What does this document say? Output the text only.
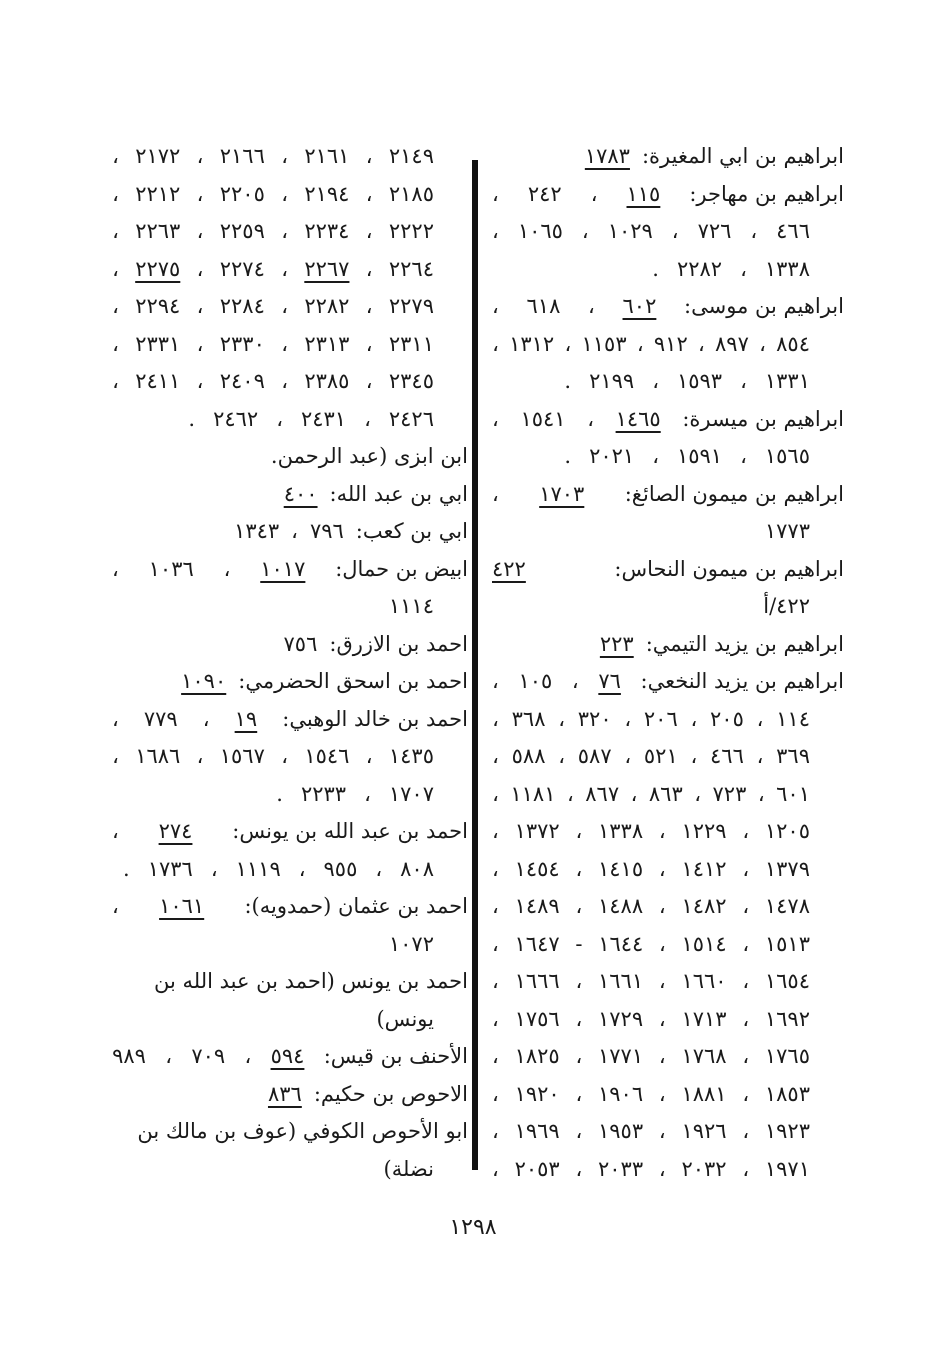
ابراهيم بن ابي المغيرة:
١٧٨٣
ابراهيم بن مهاجر:
١١٥
،
٢٤٢
،
٤٦٦
،
٧٢٦
،
١٠٢٩
،
١٠٦٥
،
١٣٣٨
،
٢٢٨٢
.
ابراهيم بن موسى:
٦٠٢
،
٦١٨
،
٨٥٤
،
٨٩٧
،
٩١٢
،
١١٥٣
،
١٣١٢
،
١٣٣١
،
١٥٩٣
،
٢١٩٩
.
ابراهيم بن ميسرة:
١٤٦٥
،
١٥٤١
،
١٥٦٥
،
١٥٩١
،
٢٠٢١
.
ابراهيم بن ميمون الصائغ:
١٧٠٣
،
١٧٧٣
ابراهيم بن ميمون النحاس:
٤٢٢
٤٢٢/أ
ابراهيم بن يزيد التيمي:
٢٢٣
ابراهيم بن يزيد النخعي:
٧٦
،
١٠٥
،
١١٤
،
٢٠٥
،
٢٠٦
،
٣٢٠
،
٣٦٨
،
٣٦٩
،
٤٦٦
،
٥٢١
،
٥٨٧
،
٥٨٨
،
٦٠١
،
٧٢٣
،
٨٦٣
،
٨٦٧
،
١١٨١
،
١٢٠٥
،
١٢٢٩
،
١٣٣٨
،
١٣٧٢
،
١٣٧٩
،
١٤١٢
،
١٤١٥
،
١٤٥٤
،
١٤٧٨
،
١٤٨٢
،
١٤٨٨
،
١٤٨٩
،
١٥١٣
،
١٥١٤
،
١٦٤٤
-
١٦٤٧
،
١٦٥٤
،
١٦٦٠
،
١٦٦١
،
١٦٦٦
،
١٦٩٢
،
١٧١٣
،
١٧٢٩
،
١٧٥٦
،
١٧٦٥
،
١٧٦٨
،
١٧٧١
،
١٨٢٥
،
١٨٥٣
،
١٨٨١
،
١٩٠٦
،
١٩٢٠
،
١٩٢٣
،
١٩٢٦
،
١٩٥٣
،
١٩٦٩
،
١٩٧١
،
٢٠٣٢
،
٢٠٣٣
،
٢٠٥٣
،
٢١٤٩
،
٢١٦١
،
٢١٦٦
،
٢١٧٢
،
٢١٨٥
،
٢١٩٤
،
٢٢٠٥
،
٢٢١٢
،
٢٢٢٢
،
٢٢٣٤
،
٢٢٥٩
،
٢٢٦٣
،
٢٢٦٤
،
٢٢٦٧
،
٢٢٧٤
،
٢٢٧٥
،
٢٢٧٩
،
٢٢٨٢
،
٢٢٨٤
،
٢٢٩٤
،
٢٣١١
،
٢٣١٣
،
٢٣٣٠
،
٢٣٣١
،
٢٣٤٥
،
٢٣٨٥
،
٢٤٠٩
،
٢٤١١
،
٢٤٢٦
،
٢٤٣١
،
٢٤٦٢
.
ابن ابزى (عبد الرحمن.
ابي بن عبد الله:
٤٠٠
ابي بن كعب:
٧٩٦
،
١٣٤٣
ابيض بن حمال:
١٠١٧
،
١٠٣٦
،
١١١٤
احمد بن الازرق:
٧٥٦
احمد بن اسحق الحضرمي:
١٠٩٠
احمد بن خالد الوهبي:
١٩
،
٧٧٩
،
١٤٣٥
،
١٥٤٦
،
١٥٦٧
،
١٦٨٦
،
١٧٠٧
،
٢٢٣٣
.
احمد بن عبد الله بن يونس:
٢٧٤
،
٨٠٨
،
٩٥٥
،
١١١٩
،
١٧٣٦
.
احمد بن عثمان (حمدويه):
١٠٦١
،
١٠٧٢
احمد بن يونس (احمد بن عبد الله بن
يونس)
الأحنف بن قيس:
٥٩٤
،
٧٠٩
،
٩٨٩
الاحوص بن حكيم:
٨٣٦
ابو الأحوص الكوفي (عوف بن مالك بن
نضلة)
١٢٩٨
